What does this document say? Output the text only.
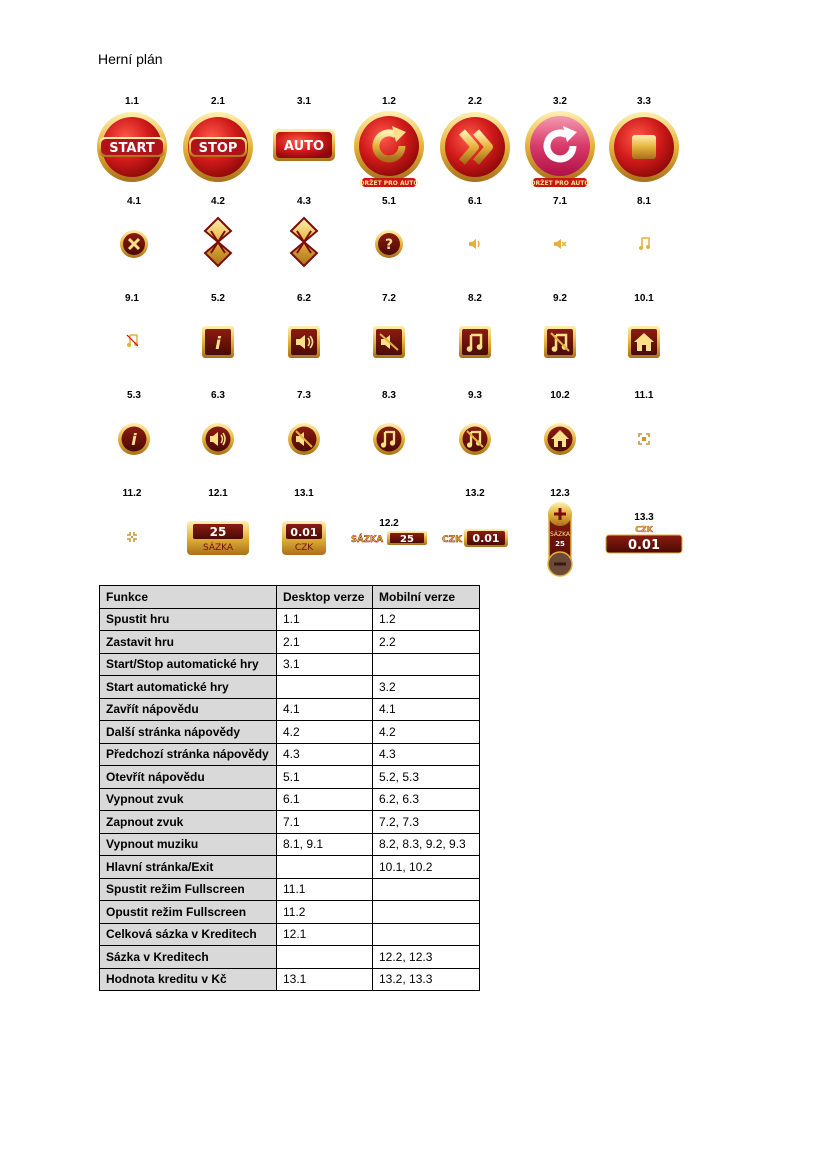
Herní plán
1.1
START
2.1
STOP
3.1
AUTO
1.2
DRŽET PRO AUTO
2.2	3.2
DRŽET PRO AUTO
3.3
4.1	4.2	4.3	5.1
?
6.1	7.1	8.1
9.1	5.2
i
6.2	7.2	8.2	9.2	10.1
5.3
i
6.3	7.3	8.3	9.3	10.2	11.1
11.2	12.1
25
SÁZKA
13.1
0.01
CZK
12.2
SÁZKA 25
13.2
CZK 0.01
12.3
SÁZKA
25
13.3
CZK
0.01
Funkce	Desktop verze	Mobilní verze
Spustit hru	1.1	1.2
Zastavit hru	2.1	2.2
Start/Stop automatické hry	3.1	
Start automatické hry		3.2
Zavřít nápovědu	4.1	4.1
Další stránka nápovědy	4.2	4.2
Předchozí stránka nápovědy	4.3	4.3
Otevřít nápovědu	5.1	5.2, 5.3
Vypnout zvuk	6.1	6.2, 6.3
Zapnout zvuk	7.1	7.2, 7.3
Vypnout muziku	8.1, 9.1	8.2, 8.3, 9.2, 9.3
Hlavní stránka/Exit		10.1, 10.2
Spustit režim Fullscreen	11.1	
Opustit režim Fullscreen	11.2	
Celková sázka v Kreditech	12.1	
Sázka v Kreditech		12.2, 12.3
Hodnota kreditu v Kč	13.1	13.2, 13.3
